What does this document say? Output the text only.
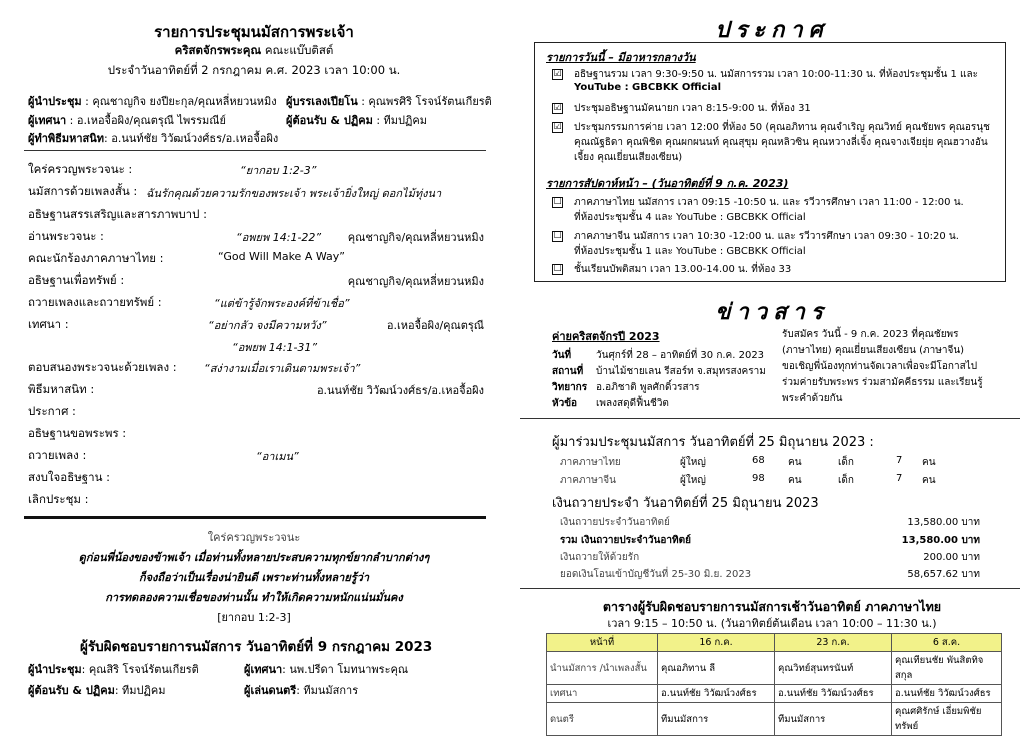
รายการประชุมนมัสการพระเจ้า
คริสตจักรพระคุณ คณะแบ๊บติสต์
ประจำวันอาทิตย์ที่ 2 กรกฎาคม ค.ศ. 2023 เวลา 10:00 น.
ผู้นำประชุม : คุณชาญกิจ ยงปียะกุล/คุณหลี่หยวนหมิง ผู้บรรเลงเปียโน : คุณพรศิริ โรจน์รัตนเกียรติ
ผู้เทศนา : อ.เหอจื้อผิง/คุณตรุณี ไพรรมณีย์	ผู้ต้อนรับ & ปฏิคม : ทีมปฏิคม
ผู้ทำพิธีมหาสนิท: อ.นนท์ชัย วิวัฒน์วงศ์ธร/อ.เหอจื้อผิง
ใคร่ครวญพระวจนะ :	“ยากอบ 1:2-3”
นมัสการด้วยเพลงสั้น : ฉันรักคุณด้วยความรักของพระเจ้า พระเจ้ายิ่งใหญ่ ดอกไม้ทุ่งนา
อธิษฐานสรรเสริญและสารภาพบาป :
อ่านพระวจนะ :	“อพยพ 14:1-22” คุณชาญกิจ/คุณหลี่หยวนหมิง
คณะนักร้องภาคภาษาไทย :	“God Will Make A Way”
อธิษฐานเพื่อทรัพย์ :	คุณชาญกิจ/คุณหลี่หยวนหมิง
ถวายเพลงและถวายทรัพย์ :	“แต่ข้ารู้จักพระองค์ที่ข้าเชื่อ”
เทศนา :	“อย่ากลัว จงมีความหวัง”	อ.เหอจื้อผิง/คุณตรุณี
“อพยพ 14:1-31”
ตอบสนองพระวจนะด้วยเพลง : “สง่างามเมื่อเราเดินตามพระเจ้า”
พิธีมหาสนิท :	อ.นนท์ชัย วิวัฒน์วงศ์ธร/อ.เหอจื้อผิง
ประกาศ :
อธิษฐานขอพระพร :
ถวายเพลง :	“อาเมน”
สงบใจอธิษฐาน :
เลิกประชุม :
ใคร่ครวญพระวจนะ
ดูก่อนพี่น้องของข้าพเจ้า เมื่อท่านทั้งหลายประสบความทุกข์ยากลำบากต่างๆ
ก็จงถือว่าเป็นเรื่องน่ายินดี เพราะท่านทั้งหลายรู้ว่า
การทดลองความเชื่อของท่านนั้น ทำให้เกิดความหนักแน่นมั่นคง
[ยากอบ 1:2-3]
ผู้รับผิดชอบรายการนมัสการ วันอาทิตย์ที่ 9 กรกฎาคม 2023
ผู้นำประชุม: คุณสิริ โรจน์รัตนเกียรติ	ผู้เทศนา: นพ.ปรีดา โมทนาพระคุณ
ผู้ต้อนรับ & ปฏิคม: ทีมปฏิคม	ผู้เล่นดนตรี: ทีมนมัสการ
ประกาศ
รายการวันนี้ – มีอาหารกลางวัน
☑ อธิษฐานรวม เวลา 9:30-9:50 น. นมัสการรวม เวลา 10:00-11:30 น. ที่ห้องประชุมชั้น 1 และ
YouTube : GBCBKK Official
☑ ประชุมอธิษฐานมัคนายก เวลา 8:15-9:00 น. ที่ห้อง 31
☑ ประชุมกรรมการค่าย เวลา 12:00 ที่ห้อง 50 (คุณอภิทาน คุณจำเริญ คุณวิทย์ คุณชัยพร คุณอรนุช
คุณณัฐธิดา คุณพิชิต คุณผกผนนท์ คุณสุขุม คุณหลิวซิน คุณหวางลี่เจิ้ง คุณจางเจียยุ่ย คุณฮวางอัน
เจี้ยง คุณเยี่ยนเสียงเซียน)
รายการสัปดาห์หน้า – (วันอาทิตย์ที่ 9 ก.ค. 2023)
☐ ภาคภาษาไทย นมัสการ เวลา 09:15 -10:50 น. และ รวีวารศึกษา เวลา 11:00 - 12:00 น.
ที่ห้องประชุมชั้น 4 และ YouTube : GBCBKK Official
☐ ภาคภาษาจีน นมัสการ เวลา 10:30 -12:00 น. และ รวีวารศึกษา เวลา 09:30 - 10:20 น.
ที่ห้องประชุมชั้น 1 และ YouTube : GBCBKK Official
☐ ชั้นเรียนบัพติสมา เวลา 13.00-14.00 น. ที่ห้อง 33
ข่าวสาร
ค่ายคริสตจักรปี 2023
วันที่ วันศุกร์ที่ 28 – อาทิตย์ที่ 30 ก.ค. 2023
สถานที่ บ้านไม้ชายเลน รีสอร์ท จ.สมุทรสงคราม
วิทยากร อ.อภิชาติ พูลศักดิ์วรสาร
หัวข้อ เพลงสดุดีฟื้นชีวิต
รับสมัคร วันนี้ - 9 ก.ค. 2023 ที่คุณชัยพร
(ภาษาไทย) คุณเยี่ยนเสียงเซียน (ภาษาจีน)
ขอเชิญพี่น้องทุกท่านจัดเวลาเพื่อจะมีโอกาสไป
ร่วมค่ายรับพระพร ร่วมสามัคคีธรรม และเรียนรู้
พระคำด้วยกัน
ผู้มาร่วมประชุมนมัสการ วันอาทิตย์ที่ 25 มิถุนายน 2023 :
ภาคภาษาไทย	ผู้ใหญ่	68 คน	เด็ก	7 คน
ภาคภาษาจีน	ผู้ใหญ่	98 คน	เด็ก	7 คน
เงินถวายประจำ วันอาทิตย์ที่ 25 มิถุนายน 2023
เงินถวายประจำวันอาทิตย์	13,580.00 บาท
รวม เงินถวายประจำวันอาทิตย์	13,580.00 บาท
เงินถวายให้ด้วยรัก	200.00 บาท
ยอดเงินโอนเข้าบัญชีวันที่ 25-30 มิ.ย. 2023	58,657.62 บาท
ตารางผู้รับผิดชอบรายการนมัสการเช้าวันอาทิตย์ ภาคภาษาไทย
เวลา 9:15 – 10:50 น. (วันอาทิตย์ต้นเดือน เวลา 10:00 – 11:30 น.)
หน้าที่	16 ก.ค.	23 ก.ค.	6 ส.ค.
นำนมัสการ /นำเพลงสั้น	คุณอภิทาน ลี	คุณวิทย์สุนทรนันท์	คุณเทียนชัย พันสิตทิจสกุล
เทศนา	อ.นนท์ชัย วิวัฒน์วงศ์ธร	อ.นนท์ชัย วิวัฒน์วงศ์ธร	อ.นนท์ชัย วิวัฒน์วงศ์ธร
ดนตรี	ทีมนมัสการ	ทีมนมัสการ	คุณศศิรักษ์ เอี่ยมพิชัยทรัพย์
